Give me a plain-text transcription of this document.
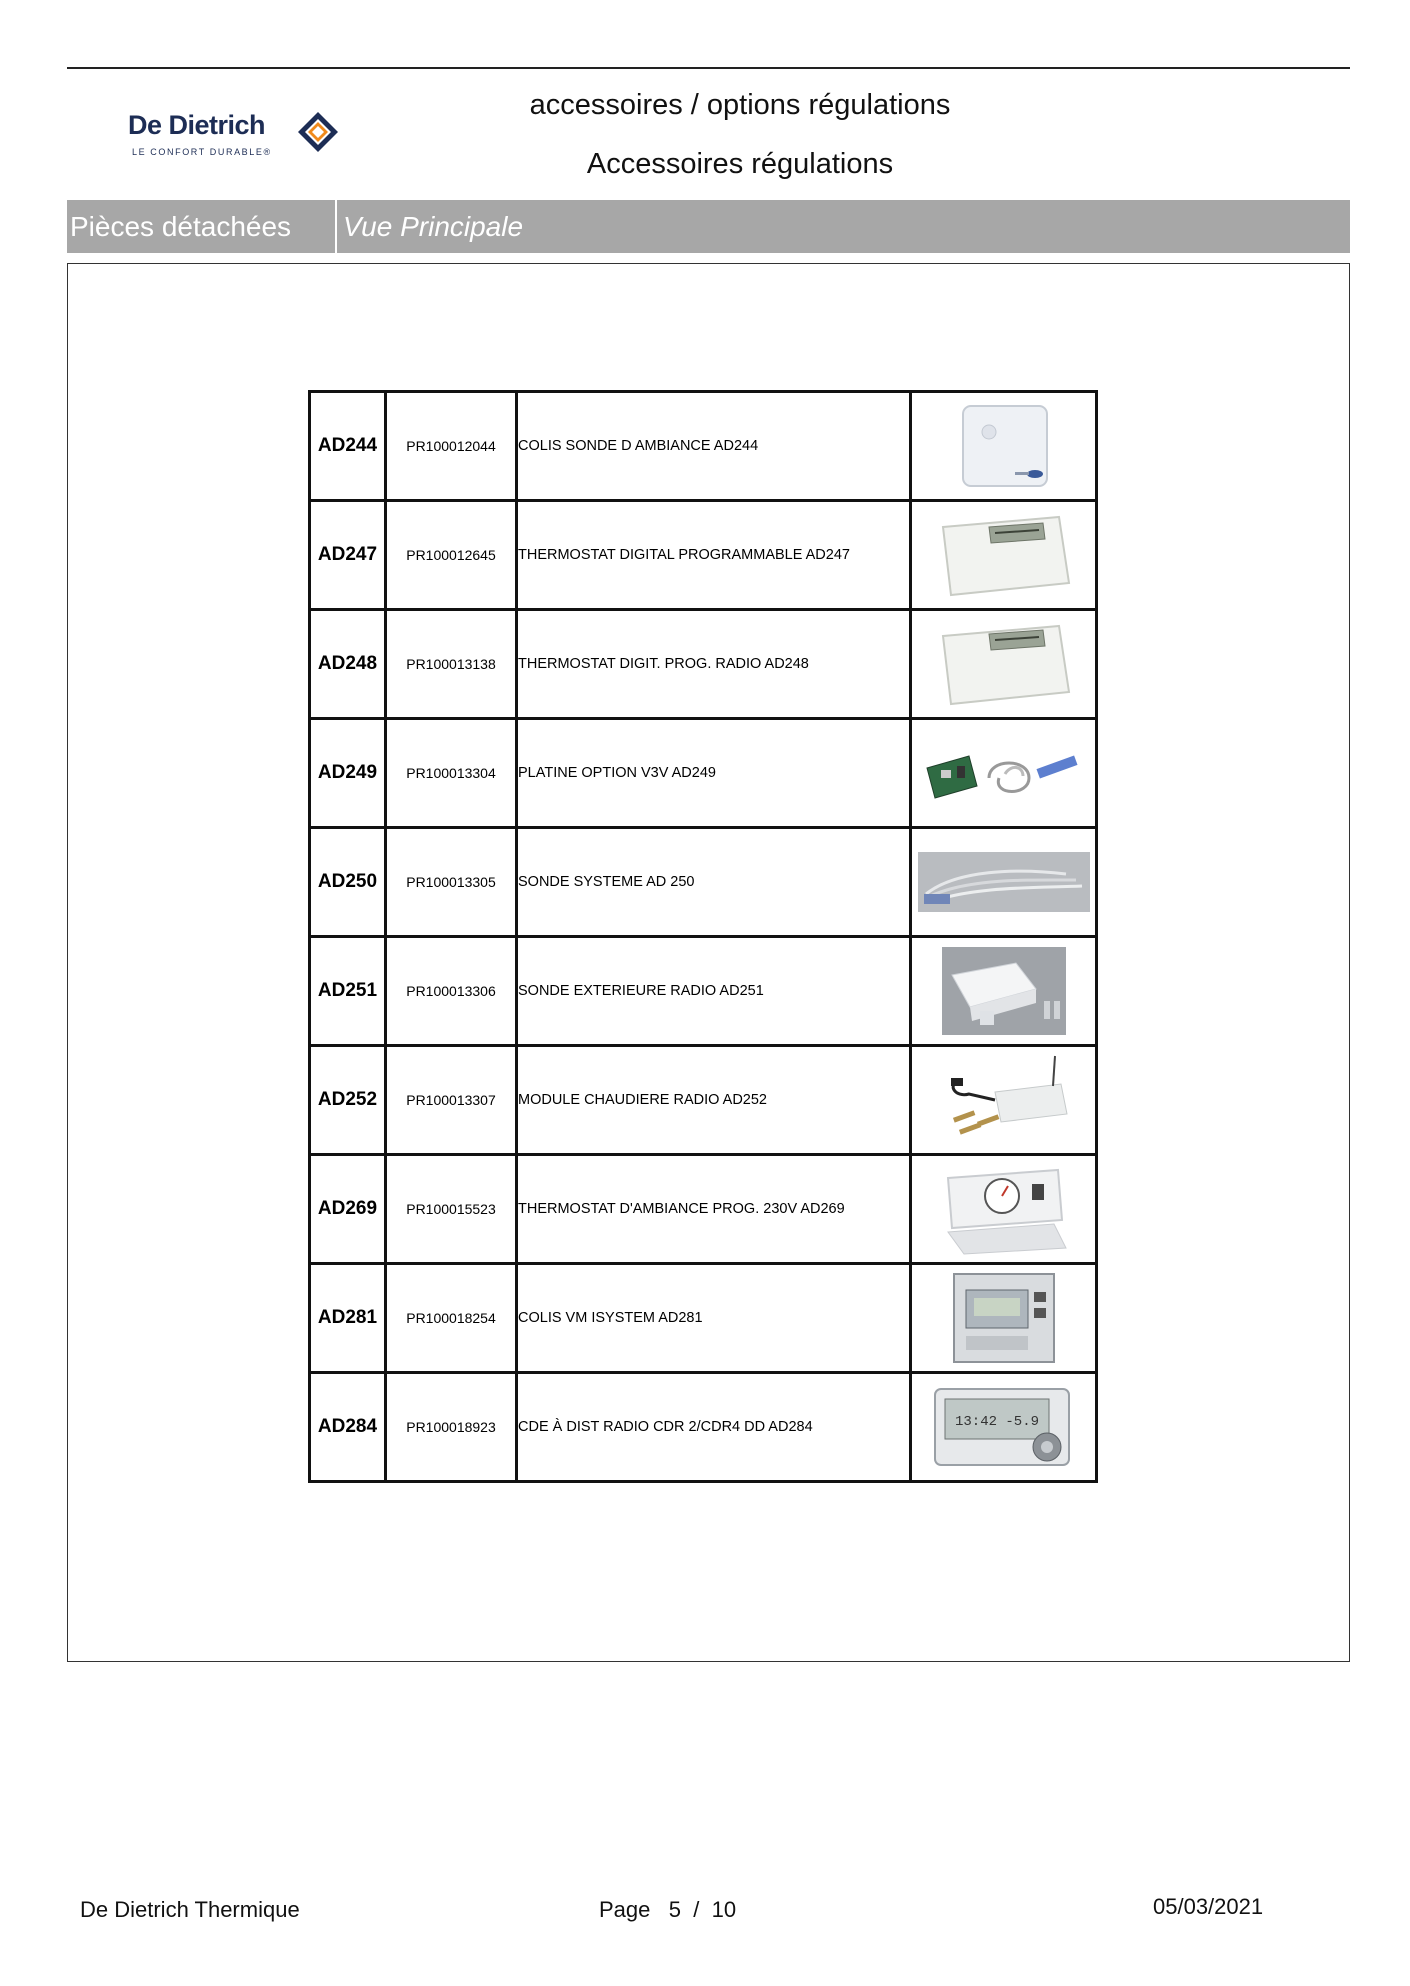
De Dietrich
LE CONFORT DURABLE®
accessoires / options régulations
Accessoires régulations
Pièces détachées	Vue Principale
AD244	PR100012044	COLIS SONDE D AMBIANCE AD244	

AD247	PR100012645	THERMOSTAT DIGITAL PROGRAMMABLE AD247	

AD248	PR100013138	THERMOSTAT DIGIT. PROG. RADIO AD248	

AD249	PR100013304	PLATINE OPTION V3V AD249	

AD250	PR100013305	SONDE SYSTEME AD 250	

AD251	PR100013306	SONDE EXTERIEURE RADIO AD251	

AD252	PR100013307	MODULE CHAUDIERE RADIO AD252	

AD269	PR100015523	THERMOSTAT D'AMBIANCE PROG. 230V AD269	

AD281	PR100018254	COLIS VM ISYSTEM AD281	

AD284	PR100018923	CDE À DIST RADIO CDR 2/CDR4 DD AD284	13:42 -5.9
De Dietrich Thermique	Page 5 / 10	05/03/2021
